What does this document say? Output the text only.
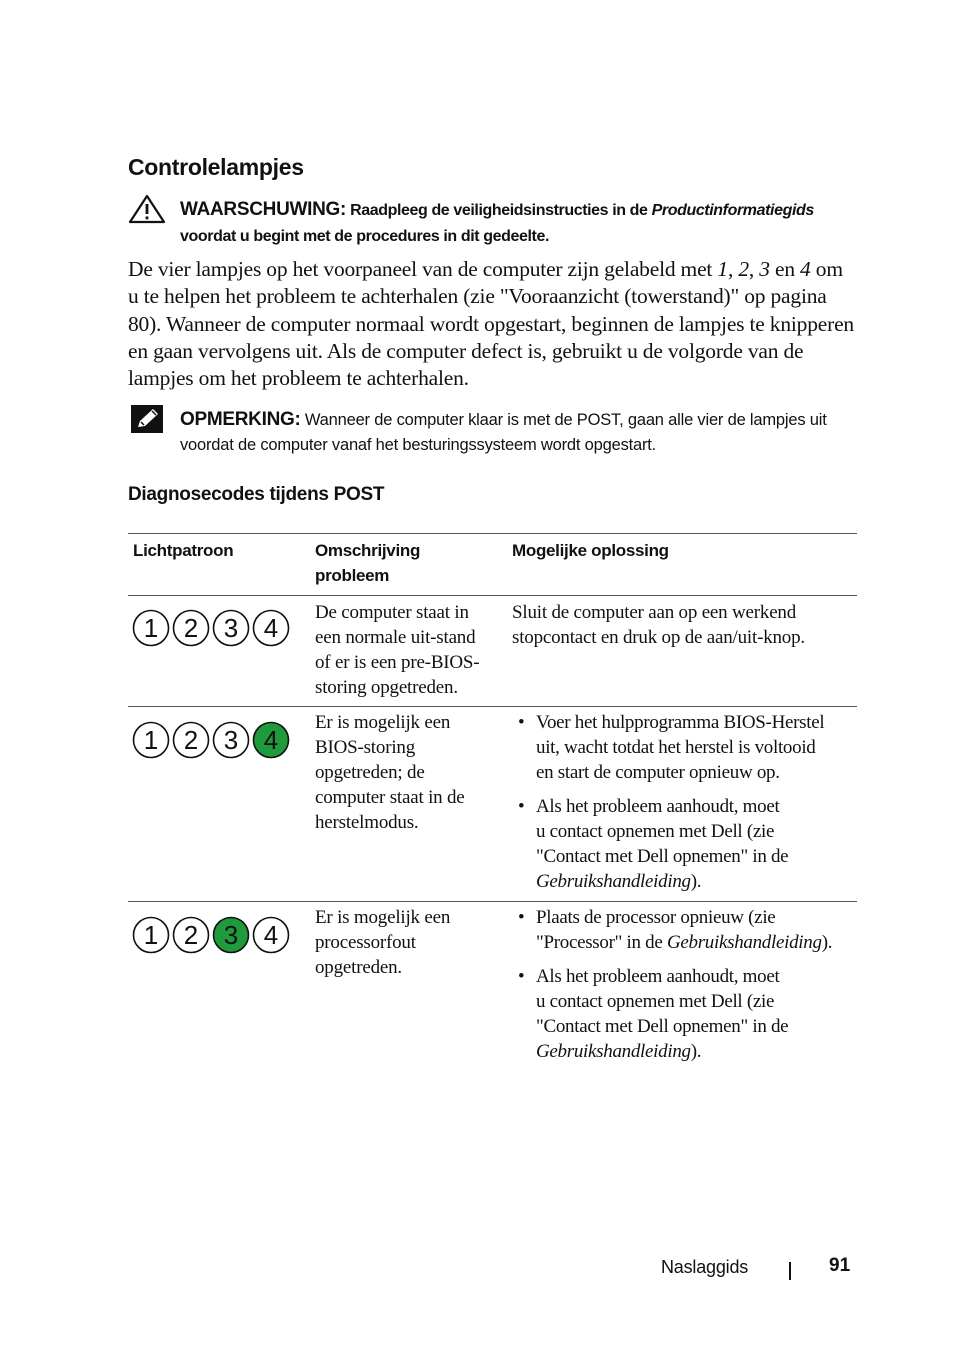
Controlelampjes
WAARSCHUWING: Raadpleeg de veiligheidsinstructies in de Productinformatiegids
voordat u begint met de procedures in dit gedeelte.
De vier lampjes op het voorpaneel van de computer zijn gelabeld met 1, 2, 3 en 4 om u te helpen het probleem te achterhalen (zie "Vooraanzicht (towerstand)" op pagina 80). Wanneer de computer normaal wordt opgestart, beginnen de lampjes te knipperen en gaan vervolgens uit. Als de computer defect is, gebruikt u de volgorde van de lampjes om het probleem te achterhalen.
OPMERKING: Wanneer de computer klaar is met de POST, gaan alle vier de lampjes uit voordat de computer vanaf het besturingssysteem wordt opgestart.
Diagnosecodes tijdens POST
Lichtpatroon	Omschrijving
probleem
Mogelijke oplossing
1 2 3 4
De computer staat in
een normale uit-stand
of er is een pre-BIOS-
storing opgetreden.
Sluit de computer aan op een werkend
stopcontact en druk op de aan/uit-knop.
1 2 3 4
Er is mogelijk een
BIOS-storing
opgetreden; de
computer staat in de
herstelmodus.
• Voer het hulpprogramma BIOS-Herstel
uit, wacht totdat het herstel is voltooid
en start de computer opnieuw op.
• Als het probleem aanhoudt, moet
u contact opnemen met Dell (zie
"Contact met Dell opnemen" in de
Gebruikshandleiding).
1 2 3 4
Er is mogelijk een
processorfout
opgetreden.
• Plaats de processor opnieuw (zie
"Processor" in de Gebruikshandleiding).
• Als het probleem aanhoudt, moet
u contact opnemen met Dell (zie
"Contact met Dell opnemen" in de
Gebruikshandleiding).
Naslaggids	91
